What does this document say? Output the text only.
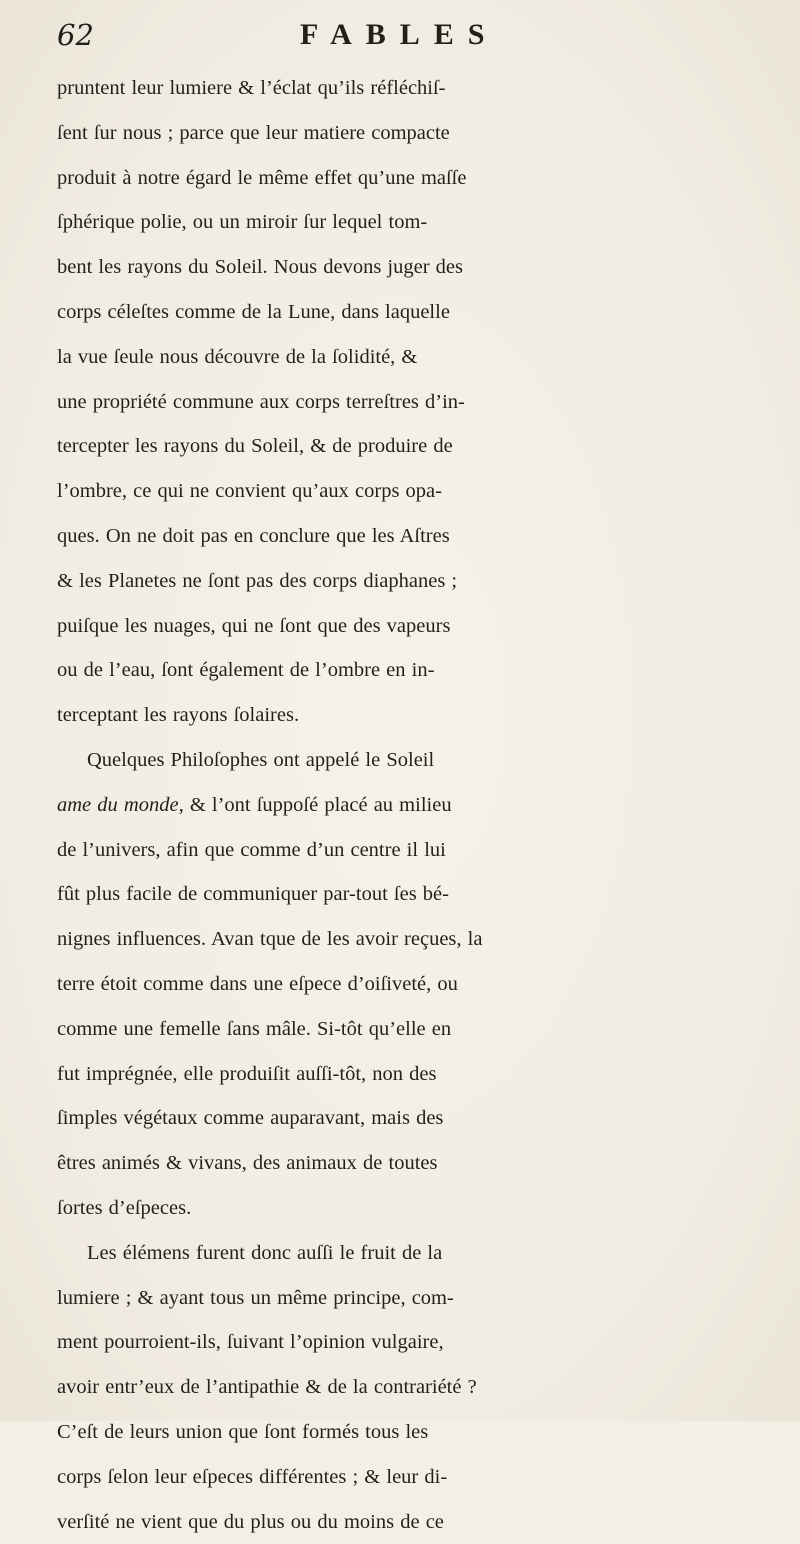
62	FABLES
pruntent leur lumiere & l’éclat qu’ils réfléchiſ-
ſent ſur nous ; parce que leur matiere compacte
produit à notre égard le même effet qu’une maſſe
ſphérique polie, ou un miroir ſur lequel tom-
bent les rayons du Soleil. Nous devons juger des
corps céleſtes comme de la Lune, dans laquelle
la vue ſeule nous découvre de la ſolidité, &
une propriété commune aux corps terreſtres d’in-
tercepter les rayons du Soleil, & de produire de
l’ombre, ce qui ne convient qu’aux corps opa-
ques. On ne doit pas en conclure que les Aſtres
& les Planetes ne ſont pas des corps diaphanes ;
puiſque les nuages, qui ne ſont que des vapeurs
ou de l’eau, ſont également de l’ombre en in-
terceptant les rayons ſolaires.
Quelques Philoſophes ont appelé le Soleil
ame du monde, & l’ont ſuppoſé placé au milieu
de l’univers, afin que comme d’un centre il lui
fût plus facile de communiquer par-tout ſes bé-
nignes influences. Avan tque de les avoir reçues, la
terre étoit comme dans une eſpece d’oiſiveté, ou
comme une femelle ſans mâle. Si-tôt qu’elle en
fut imprégnée, elle produiſit auſſi-tôt, non des
ſimples végétaux comme auparavant, mais des
êtres animés & vivans, des animaux de toutes
ſortes d’eſpeces.
Les élémens furent donc auſſi le fruit de la
lumiere ; & ayant tous un même principe, com-
ment pourroient-ils, ſuivant l’opinion vulgaire,
avoir entr’eux de l’antipathie & de la contrariété ?
C’eſt de leurs union que ſont formés tous les
corps ſelon leur eſpeces différentes ; & leur di-
verſité ne vient que du plus ou du moins de ce
